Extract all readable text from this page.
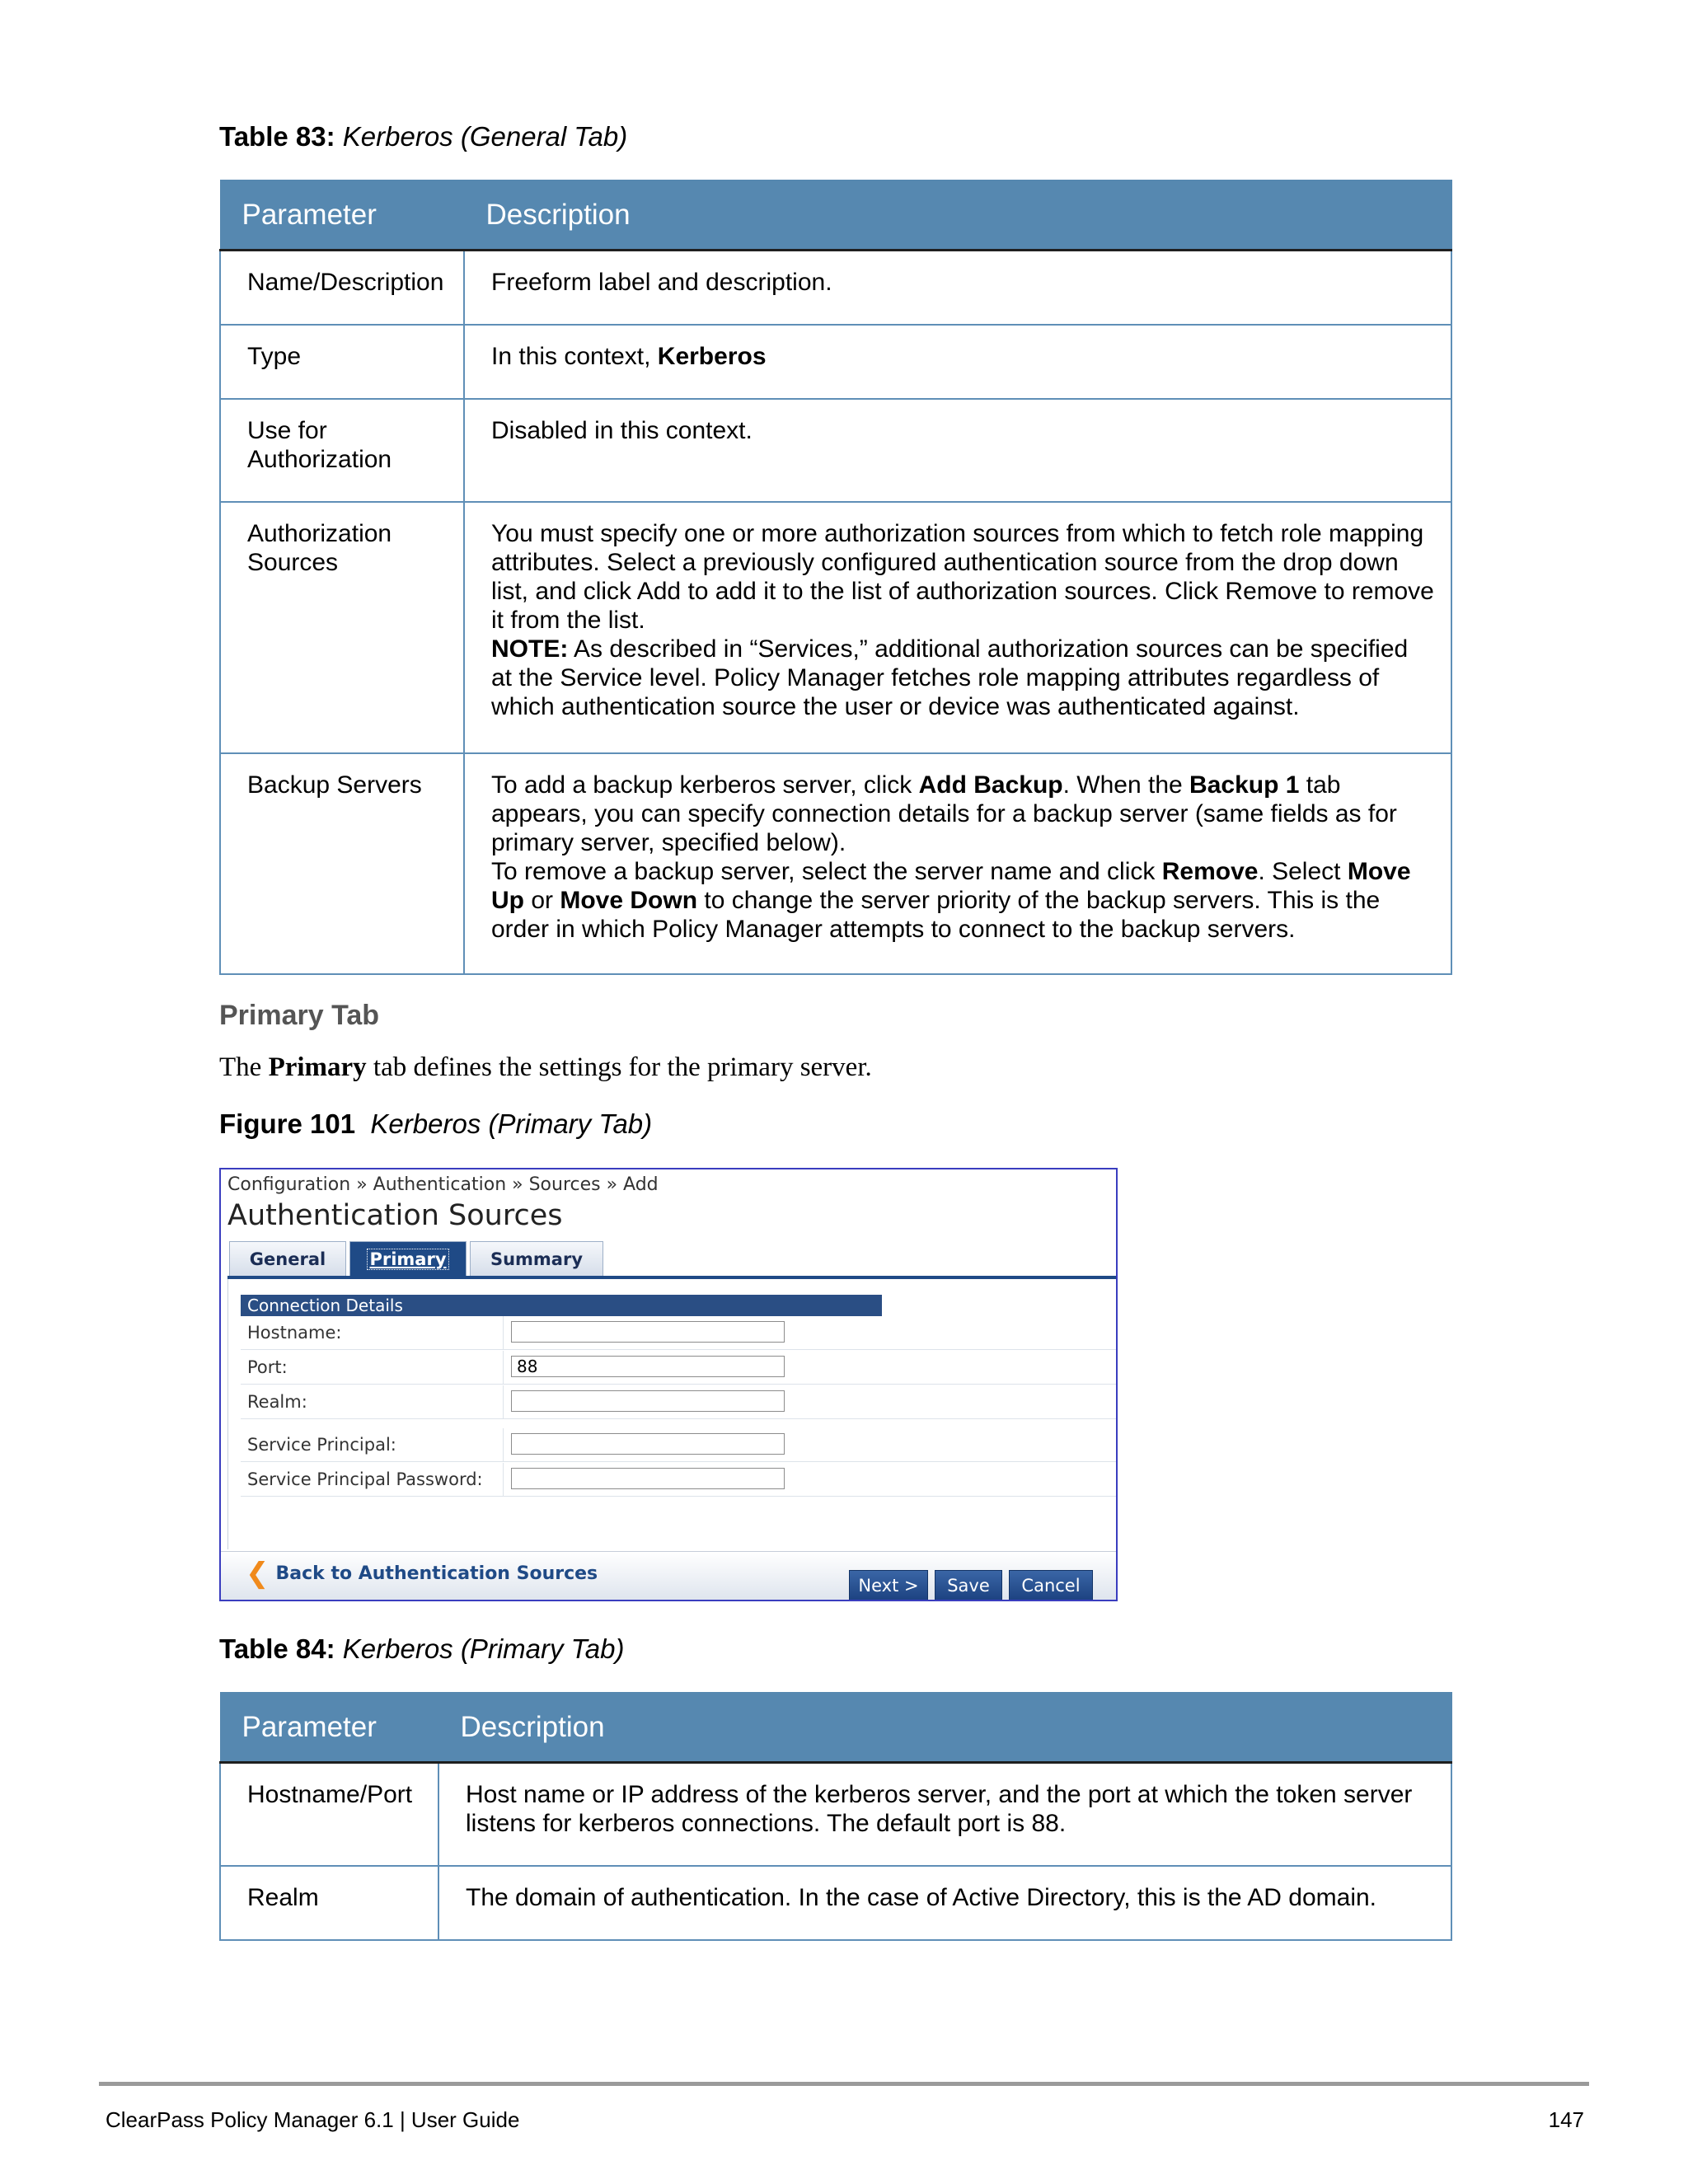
Table 83: Kerberos (General Tab)
Parameter	Description
Name/Description	Freeform label and description.
Type	In this context, Kerberos
Use for Authorization	Disabled in this context.
Authorization Sources	You must specify one or more authorization sources from which to fetch role mapping attributes. Select a previously configured authentication source from the drop down list, and click Add to add it to the list of authorization sources. Click Remove to remove it from the list.
NOTE: As described in “Services,” additional authorization sources can be specified at the Service level. Policy Manager fetches role mapping attributes regardless of which authentication source the user or device was authenticated against.

Backup Servers	To add a backup kerberos server, click Add Backup. When the Backup 1 tab appears, you can specify connection details for a backup server (same fields as for primary server, specified below).
To remove a backup server, select the server name and click Remove. Select Move Up or Move Down to change the server priority of the backup servers. This is the order in which Policy Manager attempts to connect to the backup servers.
Primary Tab
The Primary tab defines the settings for the primary server.
Figure 101 Kerberos (Primary Tab)
Configuration » Authentication » Sources » Add
Authentication Sources
General	Primary	Summary
Connection Details
Hostname:
Port:	88
Realm:
Service Principal:
Service Principal Password:
❮ Back to Authentication Sources
Next >	Save	Cancel
Table 84: Kerberos (Primary Tab)
Parameter	Description
Hostname/Port	Host name or IP address of the kerberos server, and the port at which the token server listens for kerberos connections. The default port is 88.
Realm	The domain of authentication. In the case of Active Directory, this is the AD domain.
ClearPass Policy Manager 6.1 | User Guide	147
